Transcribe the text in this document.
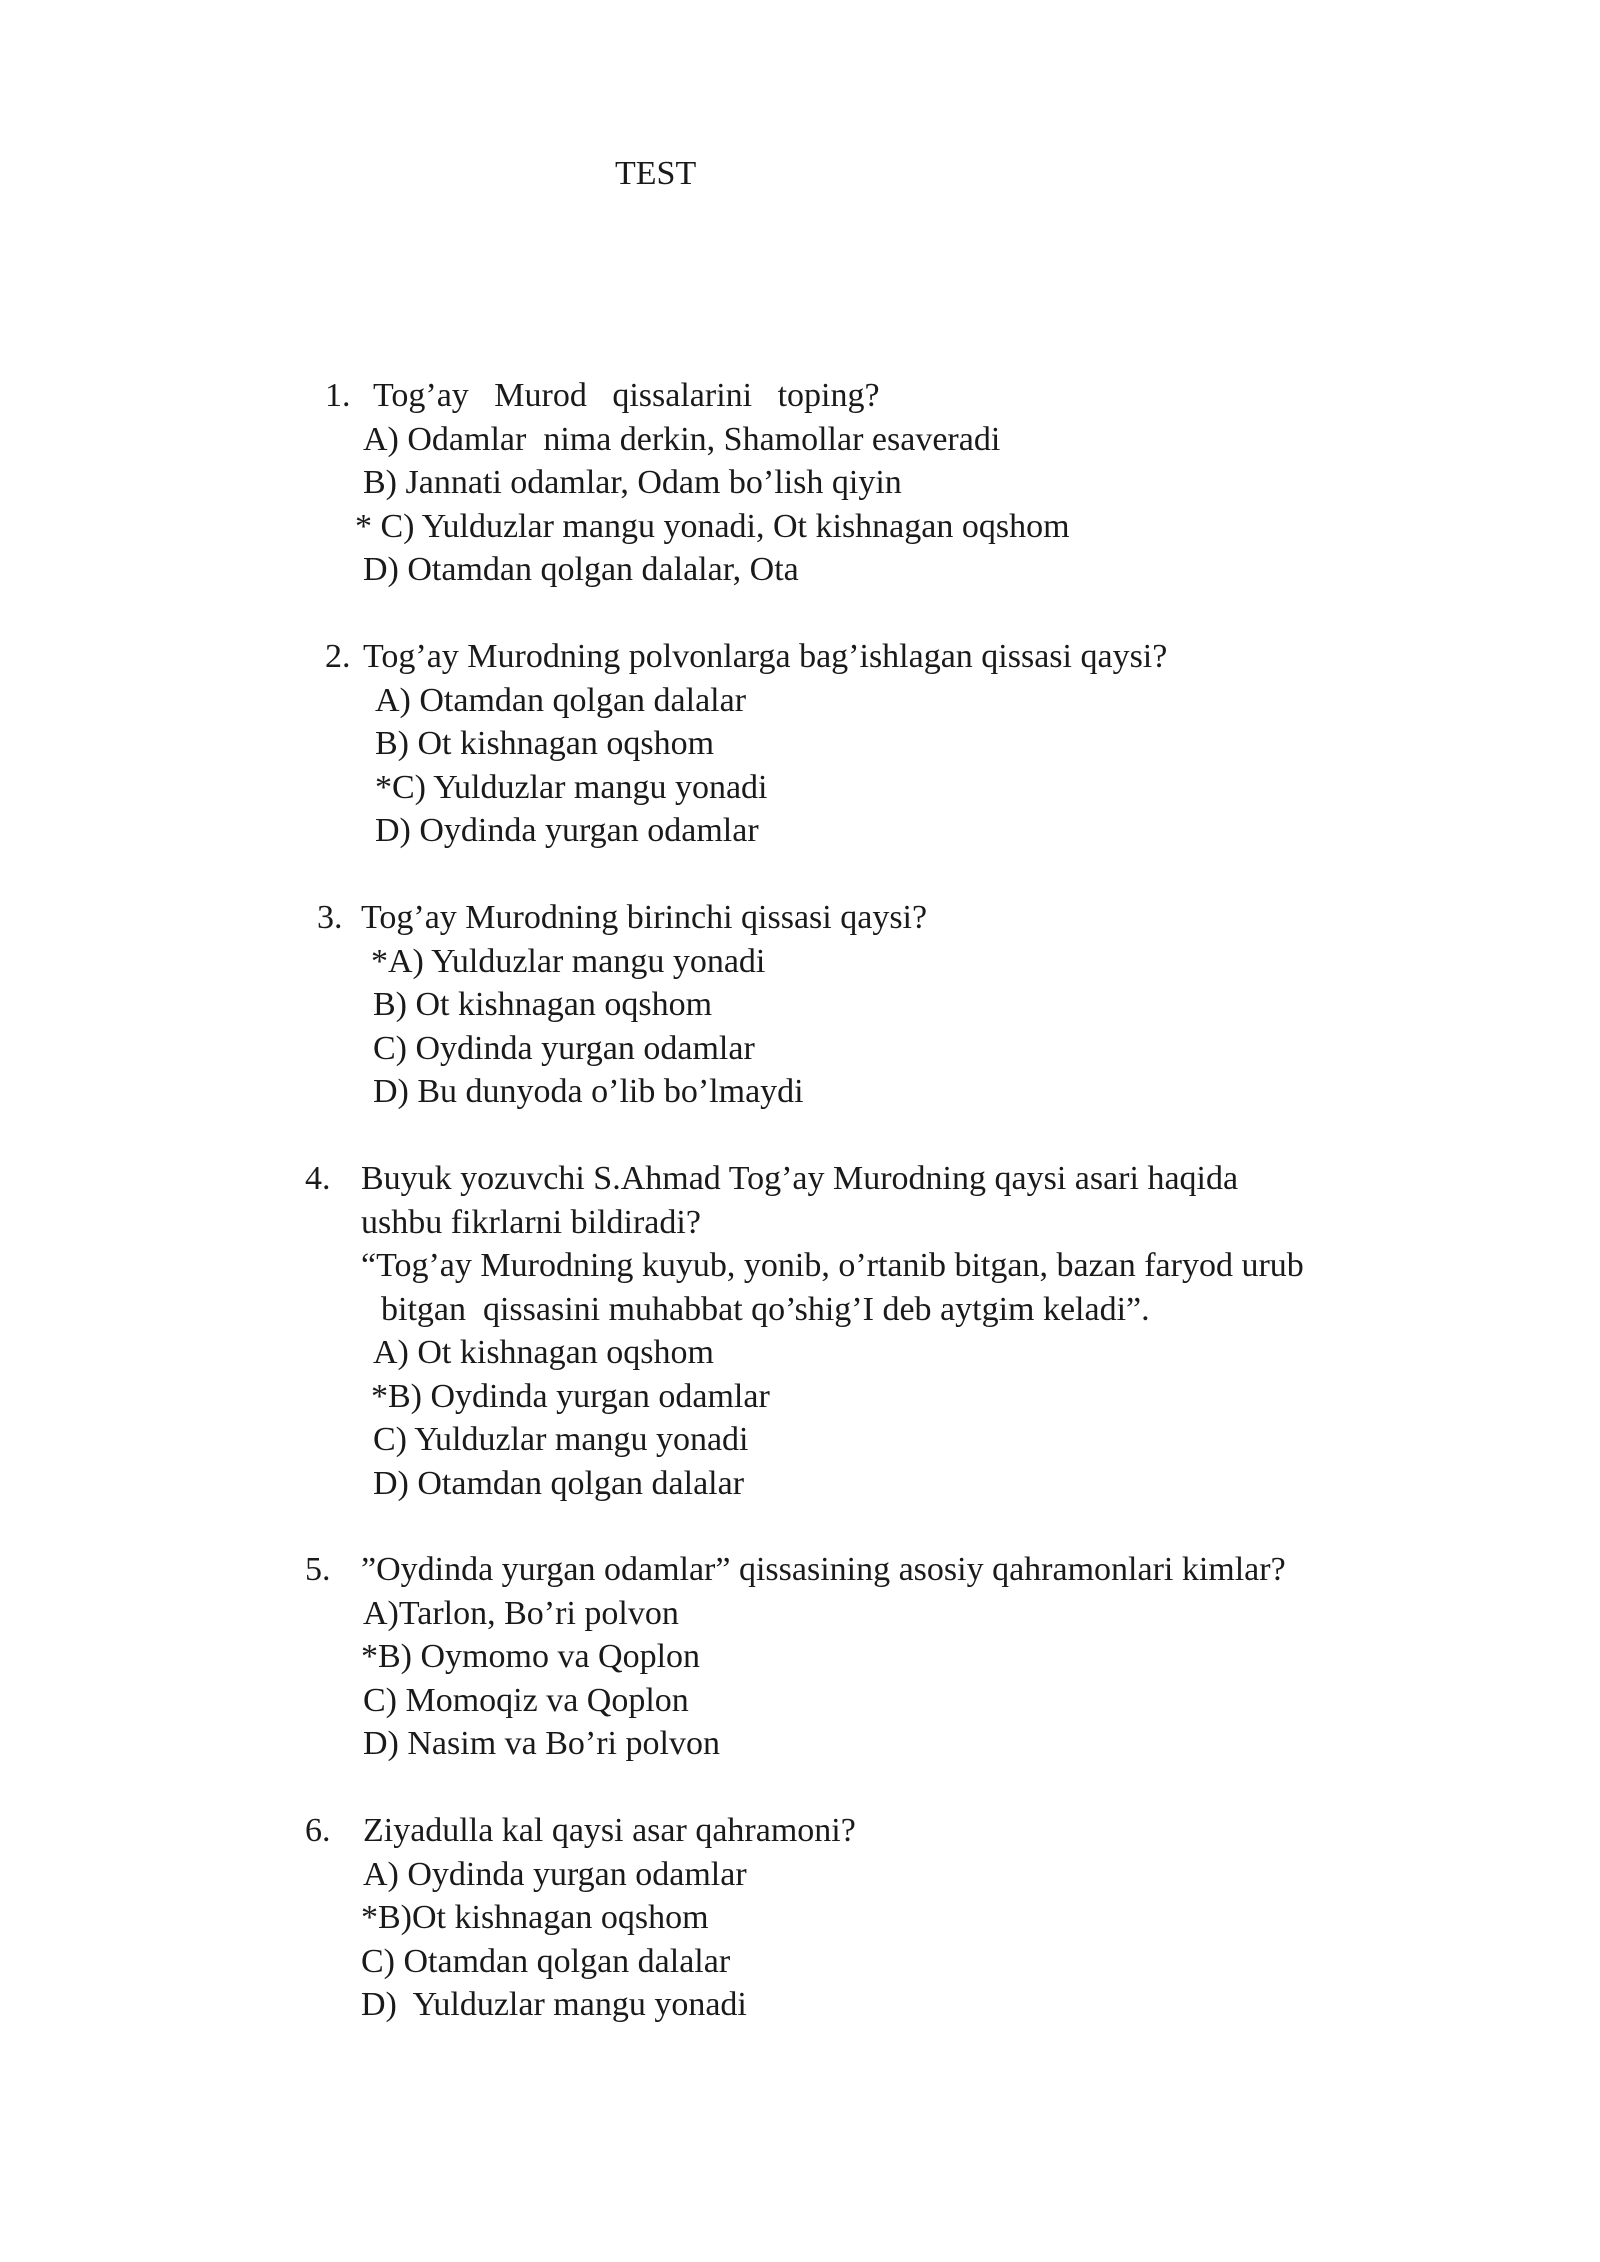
TEST
1. Tog’ay   Murod   qissalarini   toping?
A) Odamlar  nima derkin, Shamollar esaveradi
B) Jannati odamlar, Odam bo’lish qiyin
* C) Yulduzlar mangu yonadi, Ot kishnagan oqshom
D) Otamdan qolgan dalalar, Ota
2. Tog’ay Murodning polvonlarga bag’ishlagan qissasi qaysi?
A) Otamdan qolgan dalalar
B) Ot kishnagan oqshom
*C) Yulduzlar mangu yonadi
D) Oydinda yurgan odamlar
3. Tog’ay Murodning birinchi qissasi qaysi?
*A) Yulduzlar mangu yonadi
B) Ot kishnagan oqshom
C) Oydinda yurgan odamlar
D) Bu dunyoda o’lib bo’lmaydi
4. Buyuk yozuvchi S.Ahmad Tog’ay Murodning qaysi asari haqida
ushbu fikrlarni bildiradi?
“Tog’ay Murodning kuyub, yonib, o’rtanib bitgan, bazan faryod urub
bitgan  qissasini muhabbat qo’shig’I deb aytgim keladi”.
A) Ot kishnagan oqshom
*B) Oydinda yurgan odamlar
C) Yulduzlar mangu yonadi
D) Otamdan qolgan dalalar
5. ”Oydinda yurgan odamlar” qissasining asosiy qahramonlari kimlar?
A)Tarlon, Bo’ri polvon
*B) Oymomo va Qoplon
C) Momoqiz va Qoplon
D) Nasim va Bo’ri polvon
6. Ziyadulla kal qaysi asar qahramoni?
A) Oydinda yurgan odamlar
*B)Ot kishnagan oqshom
C) Otamdan qolgan dalalar
D)  Yulduzlar mangu yonadi
